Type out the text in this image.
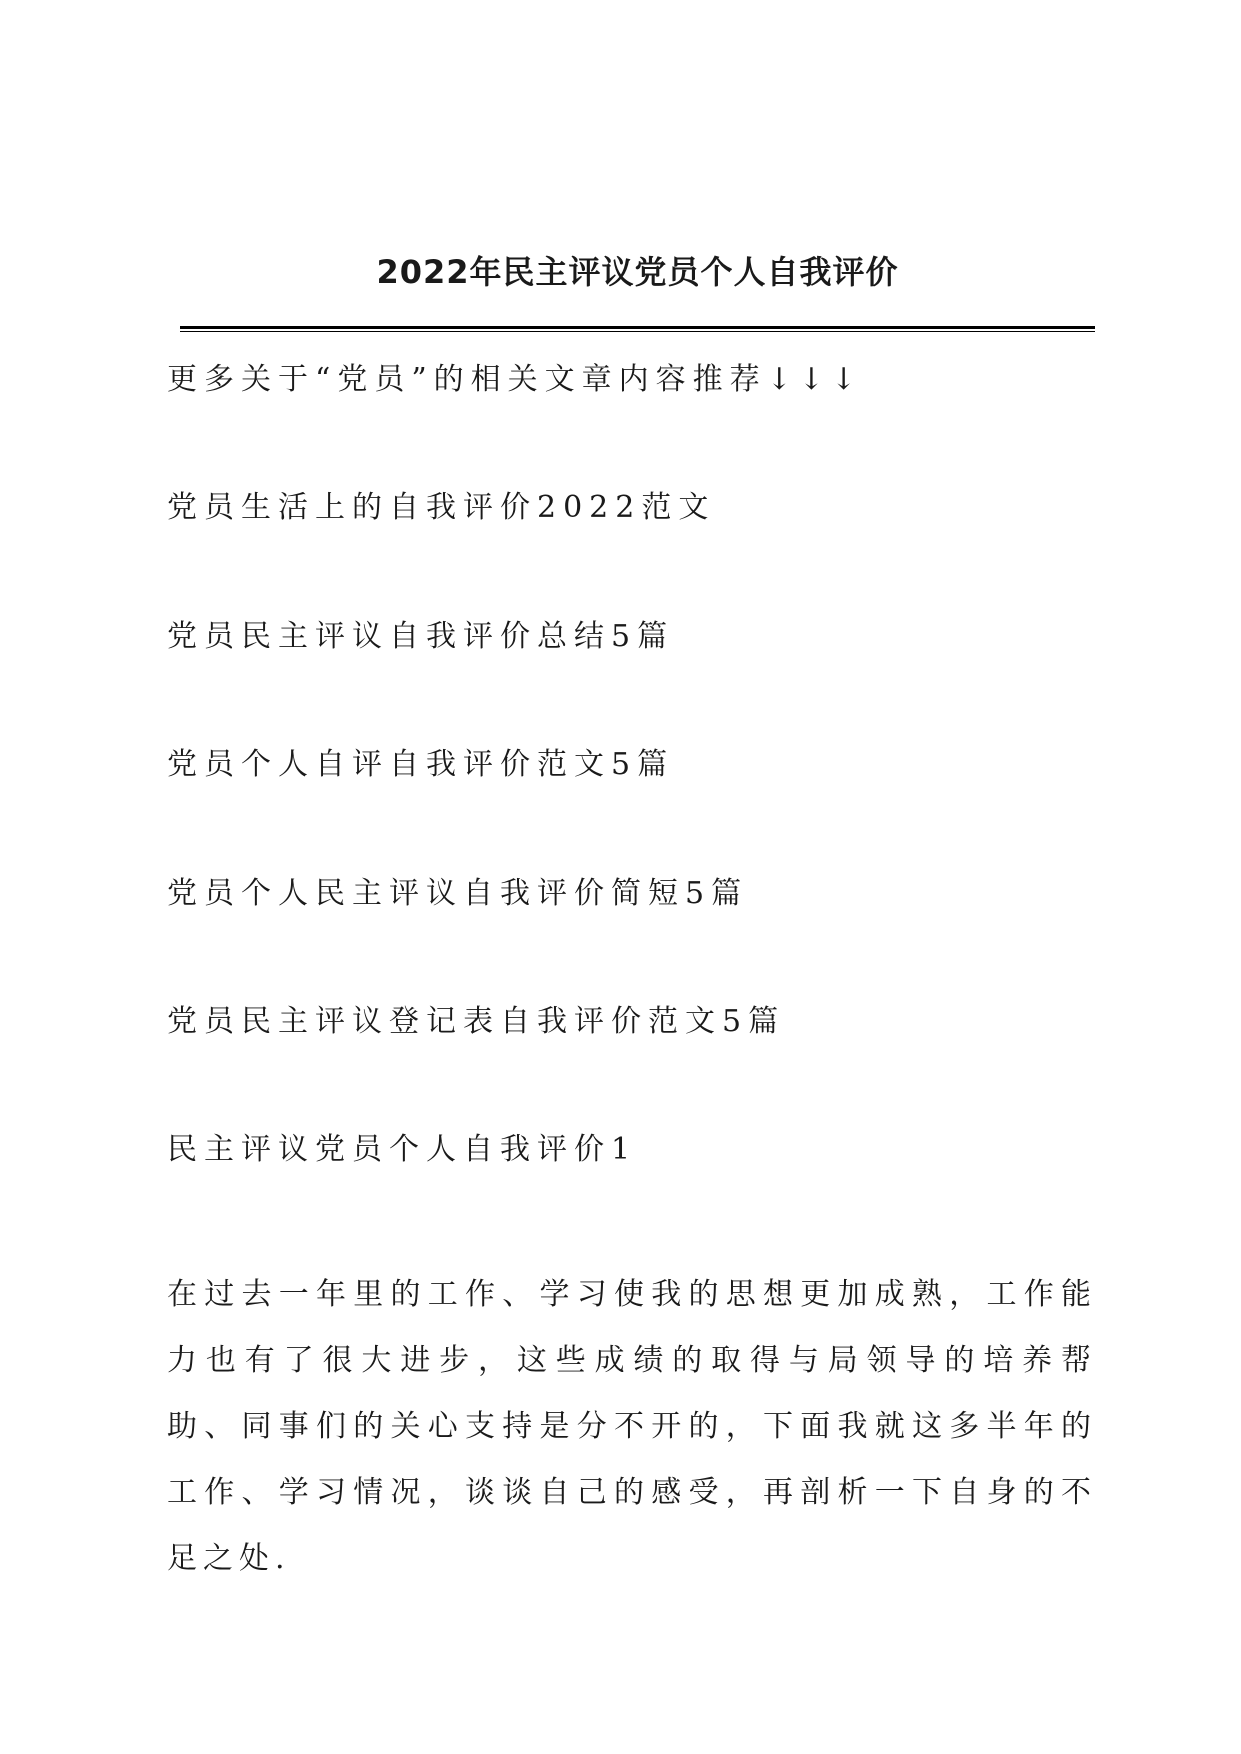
2022年民主评议党员个人自我评价
更多关于“党员”的相关文章内容推荐↓↓↓
党员生活上的自我评价2022范文
党员民主评议自我评价总结5篇
党员个人自评自我评价范文5篇
党员个人民主评议自我评价简短5篇
党员民主评议登记表自我评价范文5篇
民主评议党员个人自我评价1
在过去一年里的工作、学习使我的思想更加成熟，工作能力也有了很大进步，这些成绩的取得与局领导的培养帮助、同事们的关心支持是分不开的，下面我就这多半年的工作、学习情况，谈谈自己的感受，再剖析一下自身的不足之处.
